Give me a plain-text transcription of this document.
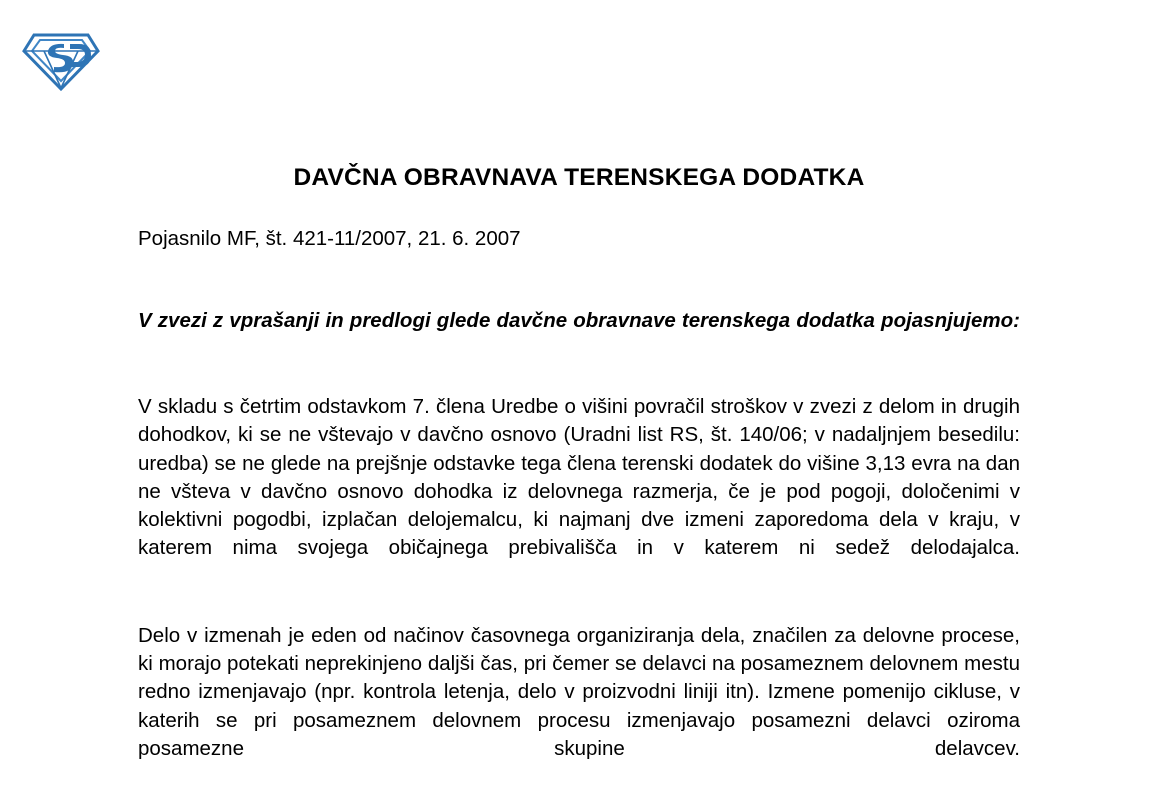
DAVČNA OBRAVNAVA TERENSKEGA DODATKA

Pojasnilo MF, št. 421-11/2007, 21. 6. 2007

V zvezi z vprašanji in predlogi glede davčne obravnave terenskega dodatka pojasnjujemo:

V skladu s četrtim odstavkom 7. člena Uredbe o višini povračil stroškov v zvezi z delom in drugih dohodkov, ki se ne vštevajo v davčno osnovo (Uradni list RS, št. 140/06; v nadaljnjem besedilu: uredba) se ne glede na prejšnje odstavke tega člena terenski dodatek do višine 3,13 evra na dan ne všteva v davčno osnovo dohodka iz delovnega razmerja, če je pod pogoji, določenimi v kolektivni pogodbi, izplačan delojemalcu, ki najmanj dve izmeni zaporedoma dela v kraju, v katerem nima svojega običajnega prebivališča in v katerem ni sedež delodajalca.

Delo v izmenah je eden od načinov časovnega organiziranja dela, značilen za delovne procese, ki morajo potekati neprekinjeno daljši čas, pri čemer se delavci na posameznem delovnem mestu redno izmenjavajo (npr. kontrola letenja, delo v proizvodni liniji itn). Izmene pomenijo cikluse, v katerih se pri posameznem delovnem procesu izmenjavajo posamezni delavci oziroma posamezne skupine delavcev.
